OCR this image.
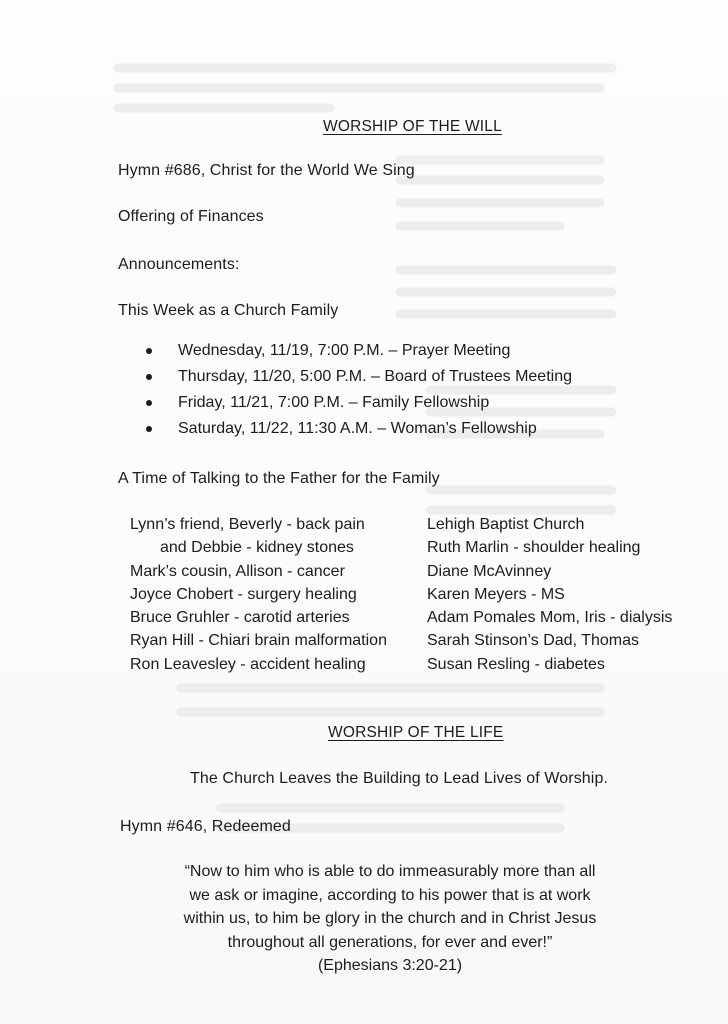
WORSHIP OF THE WILL
Hymn #686, Christ for the World We Sing
Offering of Finances
Announcements:
This Week as a Church Family
Wednesday, 11/19, 7:00 P.M. – Prayer Meeting
Thursday, 11/20, 5:00 P.M. – Board of Trustees Meeting
Friday, 11/21, 7:00 P.M. – Family Fellowship
Saturday, 11/22, 11:30 A.M. – Woman’s Fellowship
A Time of Talking to the Father for the Family
Lynn’s friend, Beverly - back pain
and Debbie - kidney stones
Mark’s cousin, Allison - cancer
Joyce Chobert - surgery healing
Bruce Gruhler - carotid arteries
Ryan Hill - Chiari brain malformation
Ron Leavesley - accident healing
Lehigh Baptist Church
Ruth Marlin - shoulder healing
Diane McAvinney
Karen Meyers - MS
Adam Pomales Mom, Iris - dialysis
Sarah Stinson’s Dad, Thomas
Susan Resling - diabetes
WORSHIP OF THE LIFE
The Church Leaves the Building to Lead Lives of Worship.
Hymn #646, Redeemed

“Now to him who is able to do immeasurably more than all

we ask or imagine, according to his power that is at work

within us, to him be glory in the church and in Christ Jesus

throughout all generations, for ever and ever!”

(Ephesians 3:20-21)
